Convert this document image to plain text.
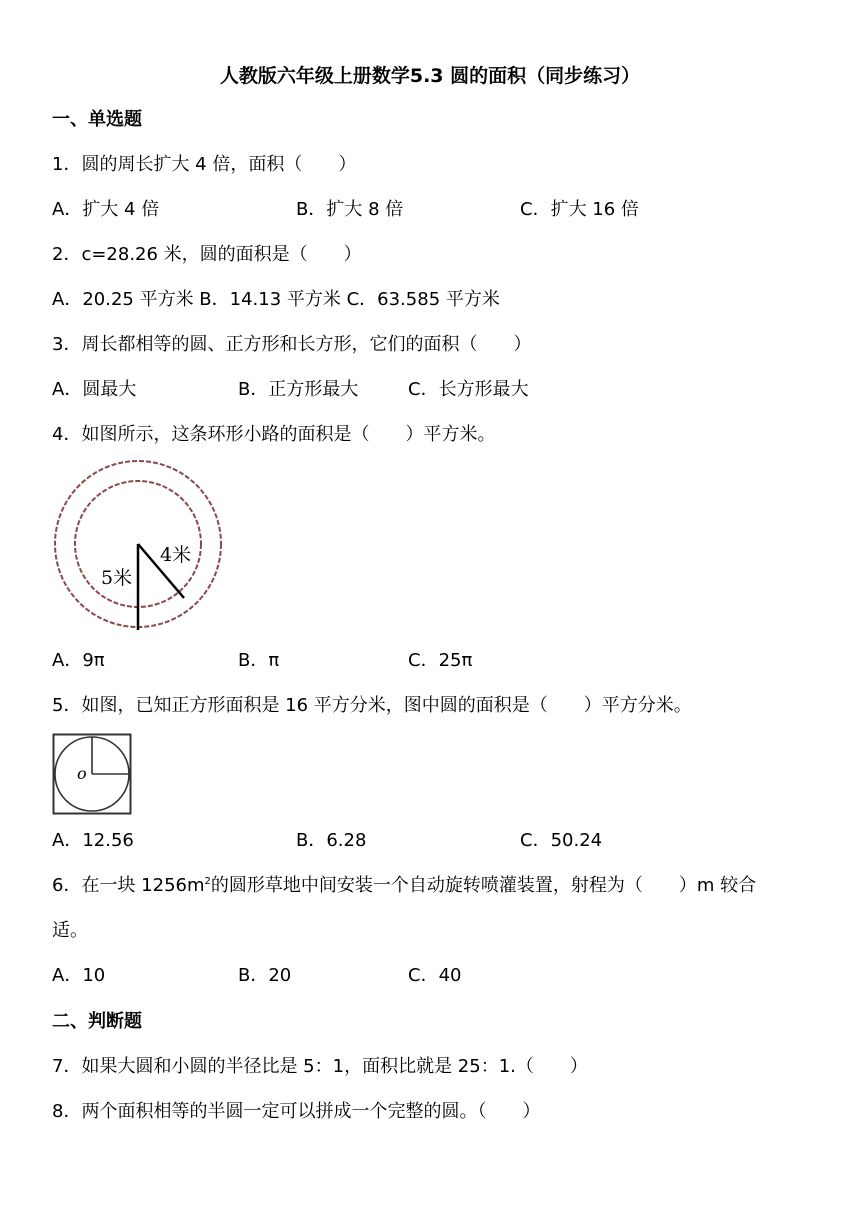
人教版六年级上册数学5.3 圆的面积（同步练习）
一、单选题
1．圆的周长扩大 4 倍，面积（　　）
A．扩大 4 倍	B．扩大 8 倍	C．扩大 16 倍
2．c=28.26 米，圆的面积是（　　）
A．20.25 平方米 B．14.13 平方米 C．63.585 平方米
3．周长都相等的圆、正方形和长方形，它们的面积（　　）
A．圆最大	B．正方形最大	C．长方形最大
4．如图所示，这条环形小路的面积是（　　）平方米。
5米
4米
A．9π	B．π	C．25π
5．如图，已知正方形面积是 16 平方分米，图中圆的面积是（　　）平方分米。
o
A．12.56	B．6.28	C．50.24
6．在一块 $1256m^2$的圆形草地中间安装一个自动旋转喷灌装置，射程为（　　）m 较合
适。
A．10	B．20	C．40
二、判断题
7．如果大圆和小圆的半径比是 5：1，面积比就是 25：1.（　　）
8．两个面积相等的半圆一定可以拼成一个完整的圆。（　　）
